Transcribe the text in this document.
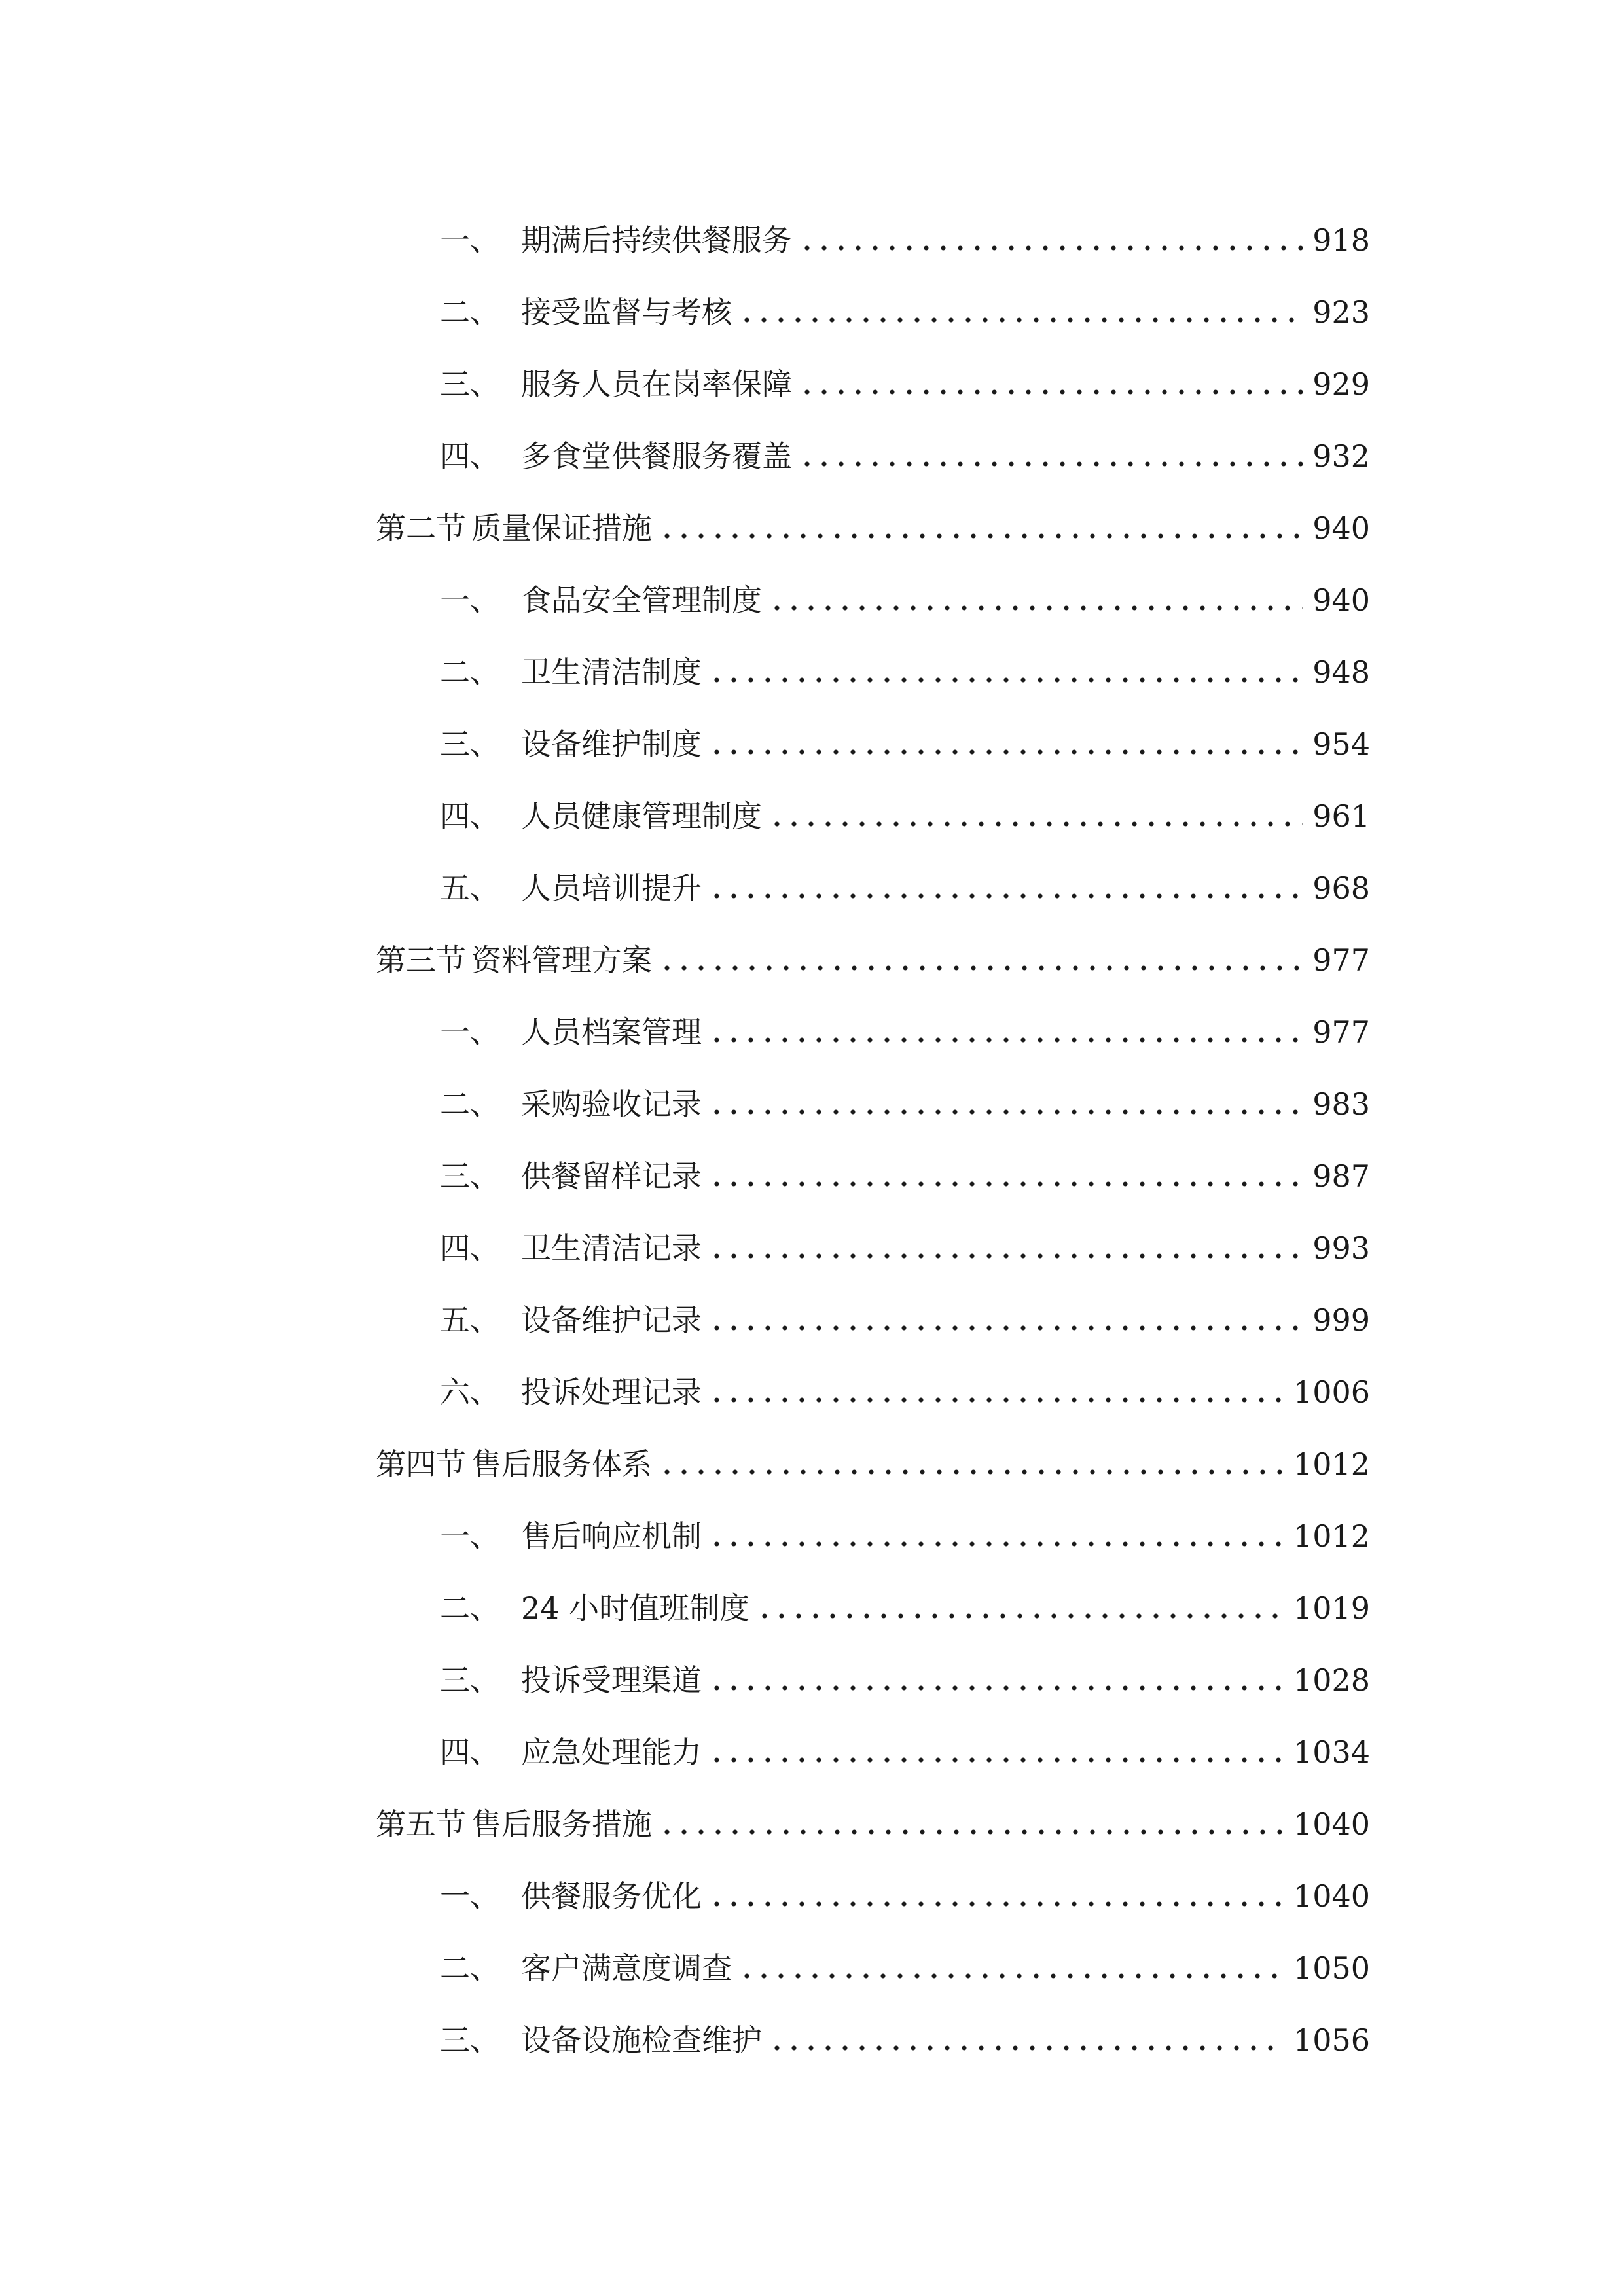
一、 期满后持续供餐服务	918
二、 接受监督与考核	923
三、 服务人员在岗率保障	929
四、 多食堂供餐服务覆盖	932
第二节 质量保证措施	940
一、 食品安全管理制度	940
二、 卫生清洁制度	948
三、 设备维护制度	954
四、 人员健康管理制度	961
五、 人员培训提升	968
第三节 资料管理方案	977
一、 人员档案管理	977
二、 采购验收记录	983
三、 供餐留样记录	987
四、 卫生清洁记录	993
五、 设备维护记录	999
六、 投诉处理记录	1006
第四节 售后服务体系	1012
一、 售后响应机制	1012
二、 24 小时值班制度	1019
三、 投诉受理渠道	1028
四、 应急处理能力	1034
第五节 售后服务措施	1040
一、 供餐服务优化	1040
二、 客户满意度调查	1050
三、 设备设施检查维护	1056
